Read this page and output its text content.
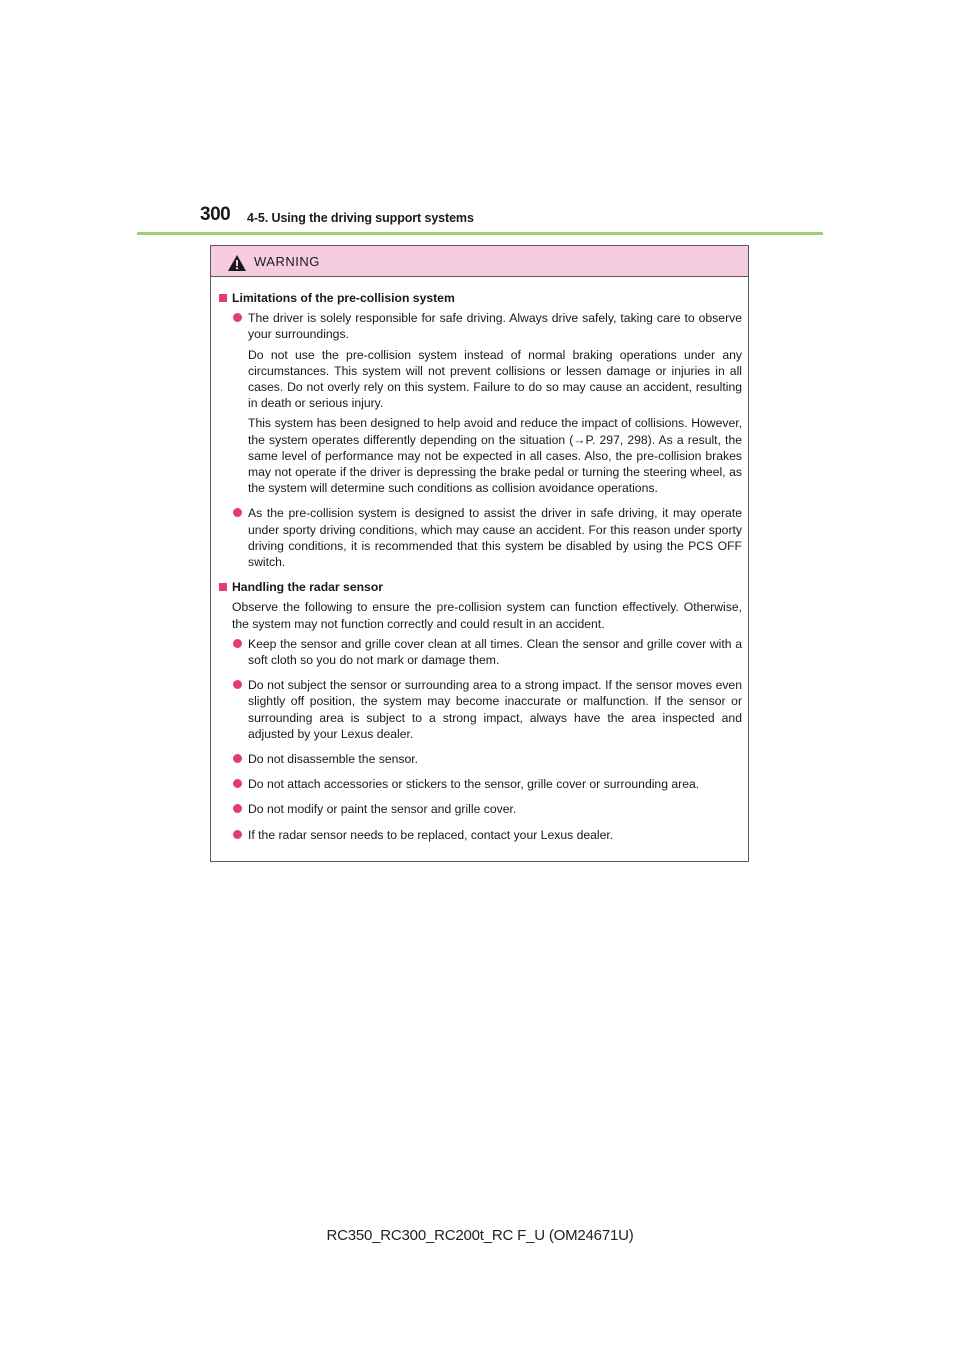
300 4-5. Using the driving support systems
WARNING
Limitations of the pre-collision system

The driver is solely responsible for safe driving. Always drive safely, taking care to observe your surroundings.

Do not use the pre-collision system instead of normal braking operations under any circumstances. This system will not prevent collisions or lessen damage or injuries in all cases. Do not overly rely on this system. Failure to do so may cause an accident, resulting in death or serious injury.

This system has been designed to help avoid and reduce the impact of collisions. However, the system operates differently depending on the situation (→P. 297, 298). As a result, the same level of performance may not be expected in all cases. Also, the pre-collision brakes may not operate if the driver is depressing the brake pedal or turning the steering wheel, as the system will determine such conditions as collision avoidance operations.

As the pre-collision system is designed to assist the driver in safe driving, it may operate under sporty driving conditions, which may cause an accident. For this reason under sporty driving conditions, it is recommended that this system be disabled by using the PCS OFF switch.

Handling the radar sensor

Observe the following to ensure the pre-collision system can function effectively. Otherwise, the system may not function correctly and could result in an accident.

Keep the sensor and grille cover clean at all times. Clean the sensor and grille cover with a soft cloth so you do not mark or damage them.

Do not subject the sensor or surrounding area to a strong impact. If the sensor moves even slightly off position, the system may become inaccurate or malfunction. If the sensor or surrounding area is subject to a strong impact, always have the area inspected and adjusted by your Lexus dealer.

Do not disassemble the sensor.

Do not attach accessories or stickers to the sensor, grille cover or surrounding area.

Do not modify or paint the sensor and grille cover.

If the radar sensor needs to be replaced, contact your Lexus dealer.

RC350_RC300_RC200t_RC F_U (OM24671U)
